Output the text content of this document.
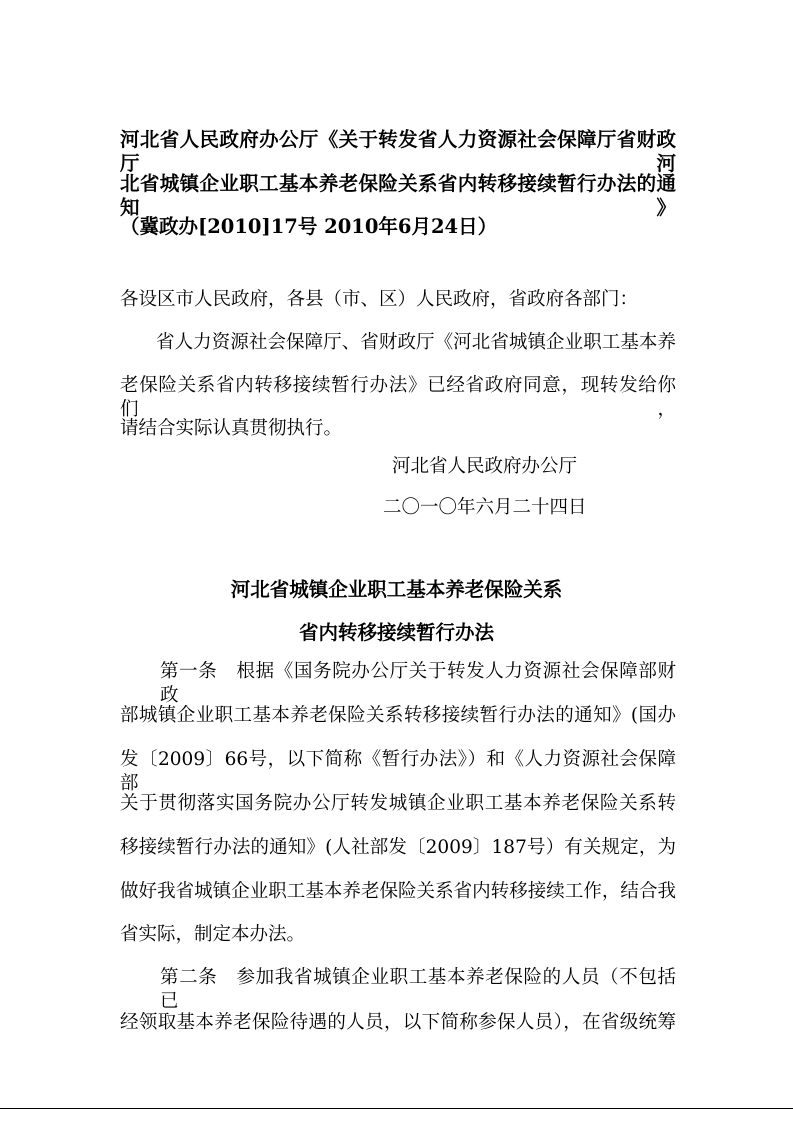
河北省人民政府办公厅《关于转发省人力资源社会保障厅省财政厅河
北省城镇企业职工基本养老保险关系省内转移接续暂行办法的通知》
（冀政办[2010]17号 2010年6月24日）
各设区市人民政府，各县（市、区）人民政府，省政府各部门：
省人力资源社会保障厅、省财政厅《河北省城镇企业职工基本养
老保险关系省内转移接续暂行办法》已经省政府同意，现转发给你们，
请结合实际认真贯彻执行。
河北省人民政府办公厅
二〇一〇年六月二十四日
河北省城镇企业职工基本养老保险关系
省内转移接续暂行办法
第一条　根据《国务院办公厅关于转发人力资源社会保障部财政
部城镇企业职工基本养老保险关系转移接续暂行办法的通知》(国办
发〔2009〕66号，以下简称《暂行办法》）和《人力资源社会保障部
关于贯彻落实国务院办公厅转发城镇企业职工基本养老保险关系转
移接续暂行办法的通知》(人社部发〔2009〕187号）有关规定，为
做好我省城镇企业职工基本养老保险关系省内转移接续工作，结合我
省实际，制定本办法。
第二条　参加我省城镇企业职工基本养老保险的人员（不包括已
经领取基本养老保险待遇的人员，以下简称参保人员），在省级统筹
